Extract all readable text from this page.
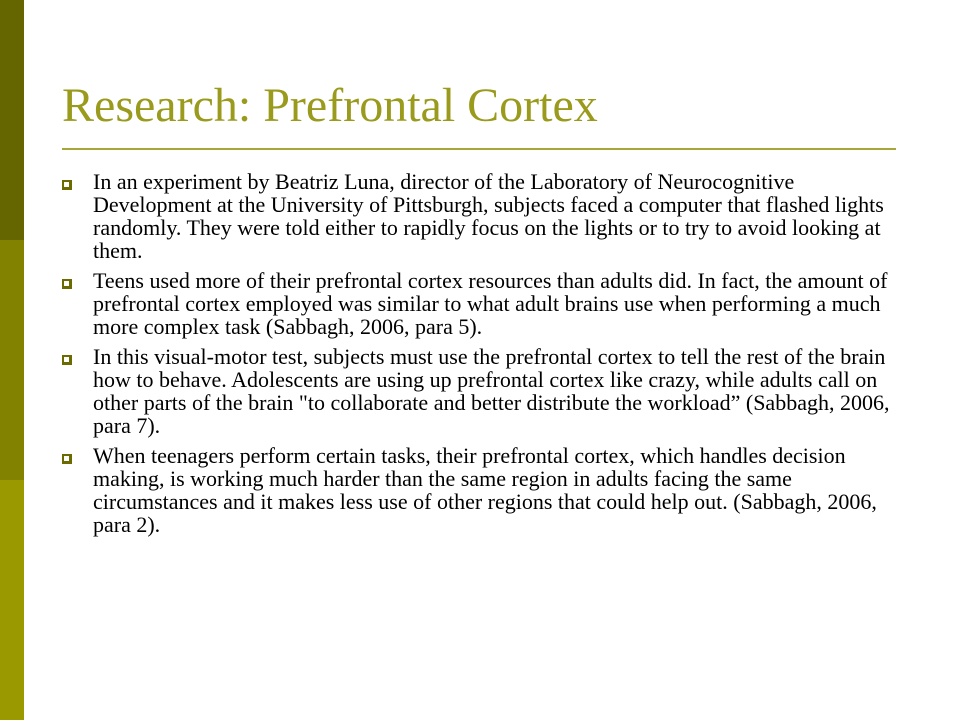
Research: Prefrontal Cortex
In an experiment by Beatriz Luna, director of the Laboratory of Neurocognitive Development at the University of Pittsburgh, subjects faced a computer that flashed lights randomly. They were told either to rapidly focus on the lights or to try to avoid looking at them.
Teens used more of their prefrontal cortex resources than adults did. In fact, the amount of prefrontal cortex employed was similar to what adult brains use when performing a much more complex task (Sabbagh, 2006, para 5).
In this visual-motor test, subjects must use the prefrontal cortex to tell the rest of the brain how to behave. Adolescents are using up prefrontal cortex like crazy, while adults call on other parts of the brain "to collaborate and better distribute the workload” (Sabbagh, 2006, para 7).
When teenagers perform certain tasks, their prefrontal cortex, which handles decision making, is working much harder than the same region in adults facing the same circumstances and it makes less use of other regions that could help out. (Sabbagh, 2006, para 2).
